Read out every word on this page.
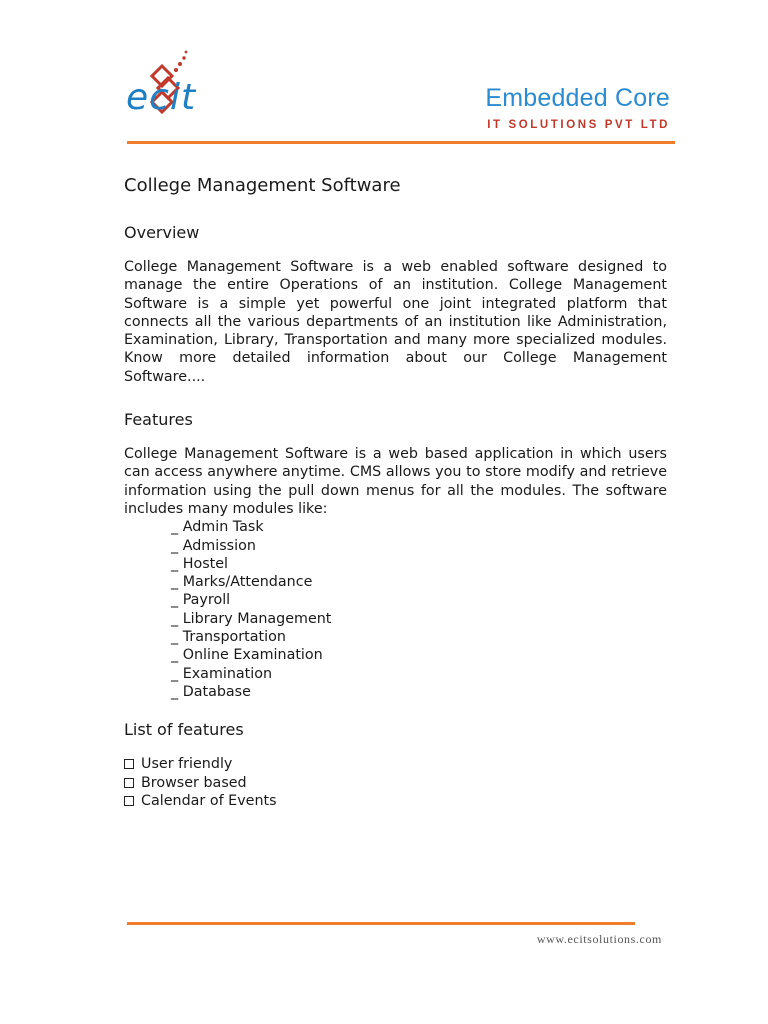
ecit	Embedded Core
IT SOLUTIONS PVT LTD
College Management Software
Overview

College Management Software is a web enabled software designed to manage the entire Operations of an institution. College Management Software is a simple yet powerful one joint integrated platform that connects all the various departments of an institution like Administration, Examination, Library, Transportation and many more specialized modules. Know more detailed information about our College Management Software....

Features

College Management Software is a web based application in which users can access anywhere anytime. CMS allows you to store modify and retrieve information using the pull down menus for all the modules. The software includes many modules like:

_ Admin Task
_ Admission
_ Hostel
_ Marks/Attendance
_ Payroll
_ Library Management
_ Transportation
_ Online Examination
_ Examination
_ Database
List of features
User friendly
Browser based
Calendar of Events
www.ecitsolutions.com
